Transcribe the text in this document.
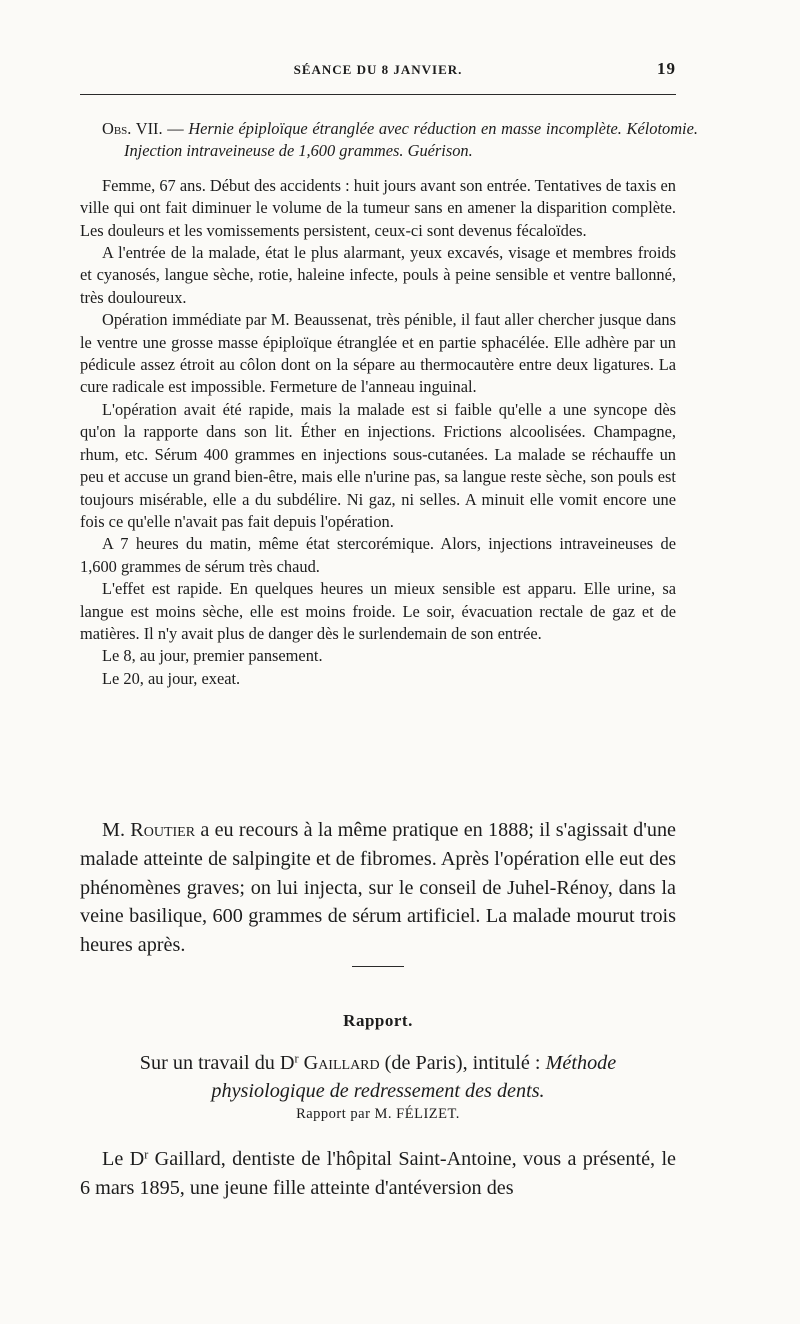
SÉANCE DU 8 JANVIER.	19
Obs. VII. — Hernie épiploïque étranglée avec réduction en masse incomplète. Kélotomie. Injection intraveineuse de 1,600 grammes. Guérison.

Femme, 67 ans. Début des accidents : huit jours avant son entrée. Tentatives de taxis en ville qui ont fait diminuer le volume de la tumeur sans en amener la disparition complète. Les douleurs et les vomissements persistent, ceux-ci sont devenus fécaloïdes.

A l'entrée de la malade, état le plus alarmant, yeux excavés, visage et membres froids et cyanosés, langue sèche, rotie, haleine infecte, pouls à peine sensible et ventre ballonné, très douloureux.

Opération immédiate par M. Beaussenat, très pénible, il faut aller chercher jusque dans le ventre une grosse masse épiploïque étranglée et en partie sphacélée. Elle adhère par un pédicule assez étroit au côlon dont on la sépare au thermocautère entre deux ligatures. La cure radicale est impossible. Fermeture de l'anneau inguinal.

L'opération avait été rapide, mais la malade est si faible qu'elle a une syncope dès qu'on la rapporte dans son lit. Éther en injections. Frictions alcoolisées. Champagne, rhum, etc. Sérum 400 grammes en injections sous-cutanées. La malade se réchauffe un peu et accuse un grand bien-être, mais elle n'urine pas, sa langue reste sèche, son pouls est toujours misérable, elle a du subdélire. Ni gaz, ni selles. A minuit elle vomit encore une fois ce qu'elle n'avait pas fait depuis l'opération.

A 7 heures du matin, même état stercorémique. Alors, injections intraveineuses de 1,600 grammes de sérum très chaud.

L'effet est rapide. En quelques heures un mieux sensible est apparu. Elle urine, sa langue est moins sèche, elle est moins froide. Le soir, évacuation rectale de gaz et de matières. Il n'y avait plus de danger dès le surlendemain de son entrée.

Le 8, au jour, premier pansement.

Le 20, au jour, exeat.

M. Routier a eu recours à la même pratique en 1888; il s'agissait d'une malade atteinte de salpingite et de fibromes. Après l'opération elle eut des phénomènes graves; on lui injecta, sur le conseil de Juhel-Rénoy, dans la veine basilique, 600 grammes de sérum artificiel. La malade mourut trois heures après.

Rapport.
Sur un travail du $D^r$ Gaillard (de Paris), intitulé : Méthode
physiologique de redressement des dents.
Rapport par M. FÉLIZET.

Le $D^r$ Gaillard, dentiste de l'hôpital Saint-Antoine, vous a présenté, le 6 mars 1895, une jeune fille atteinte d'antéversion des
